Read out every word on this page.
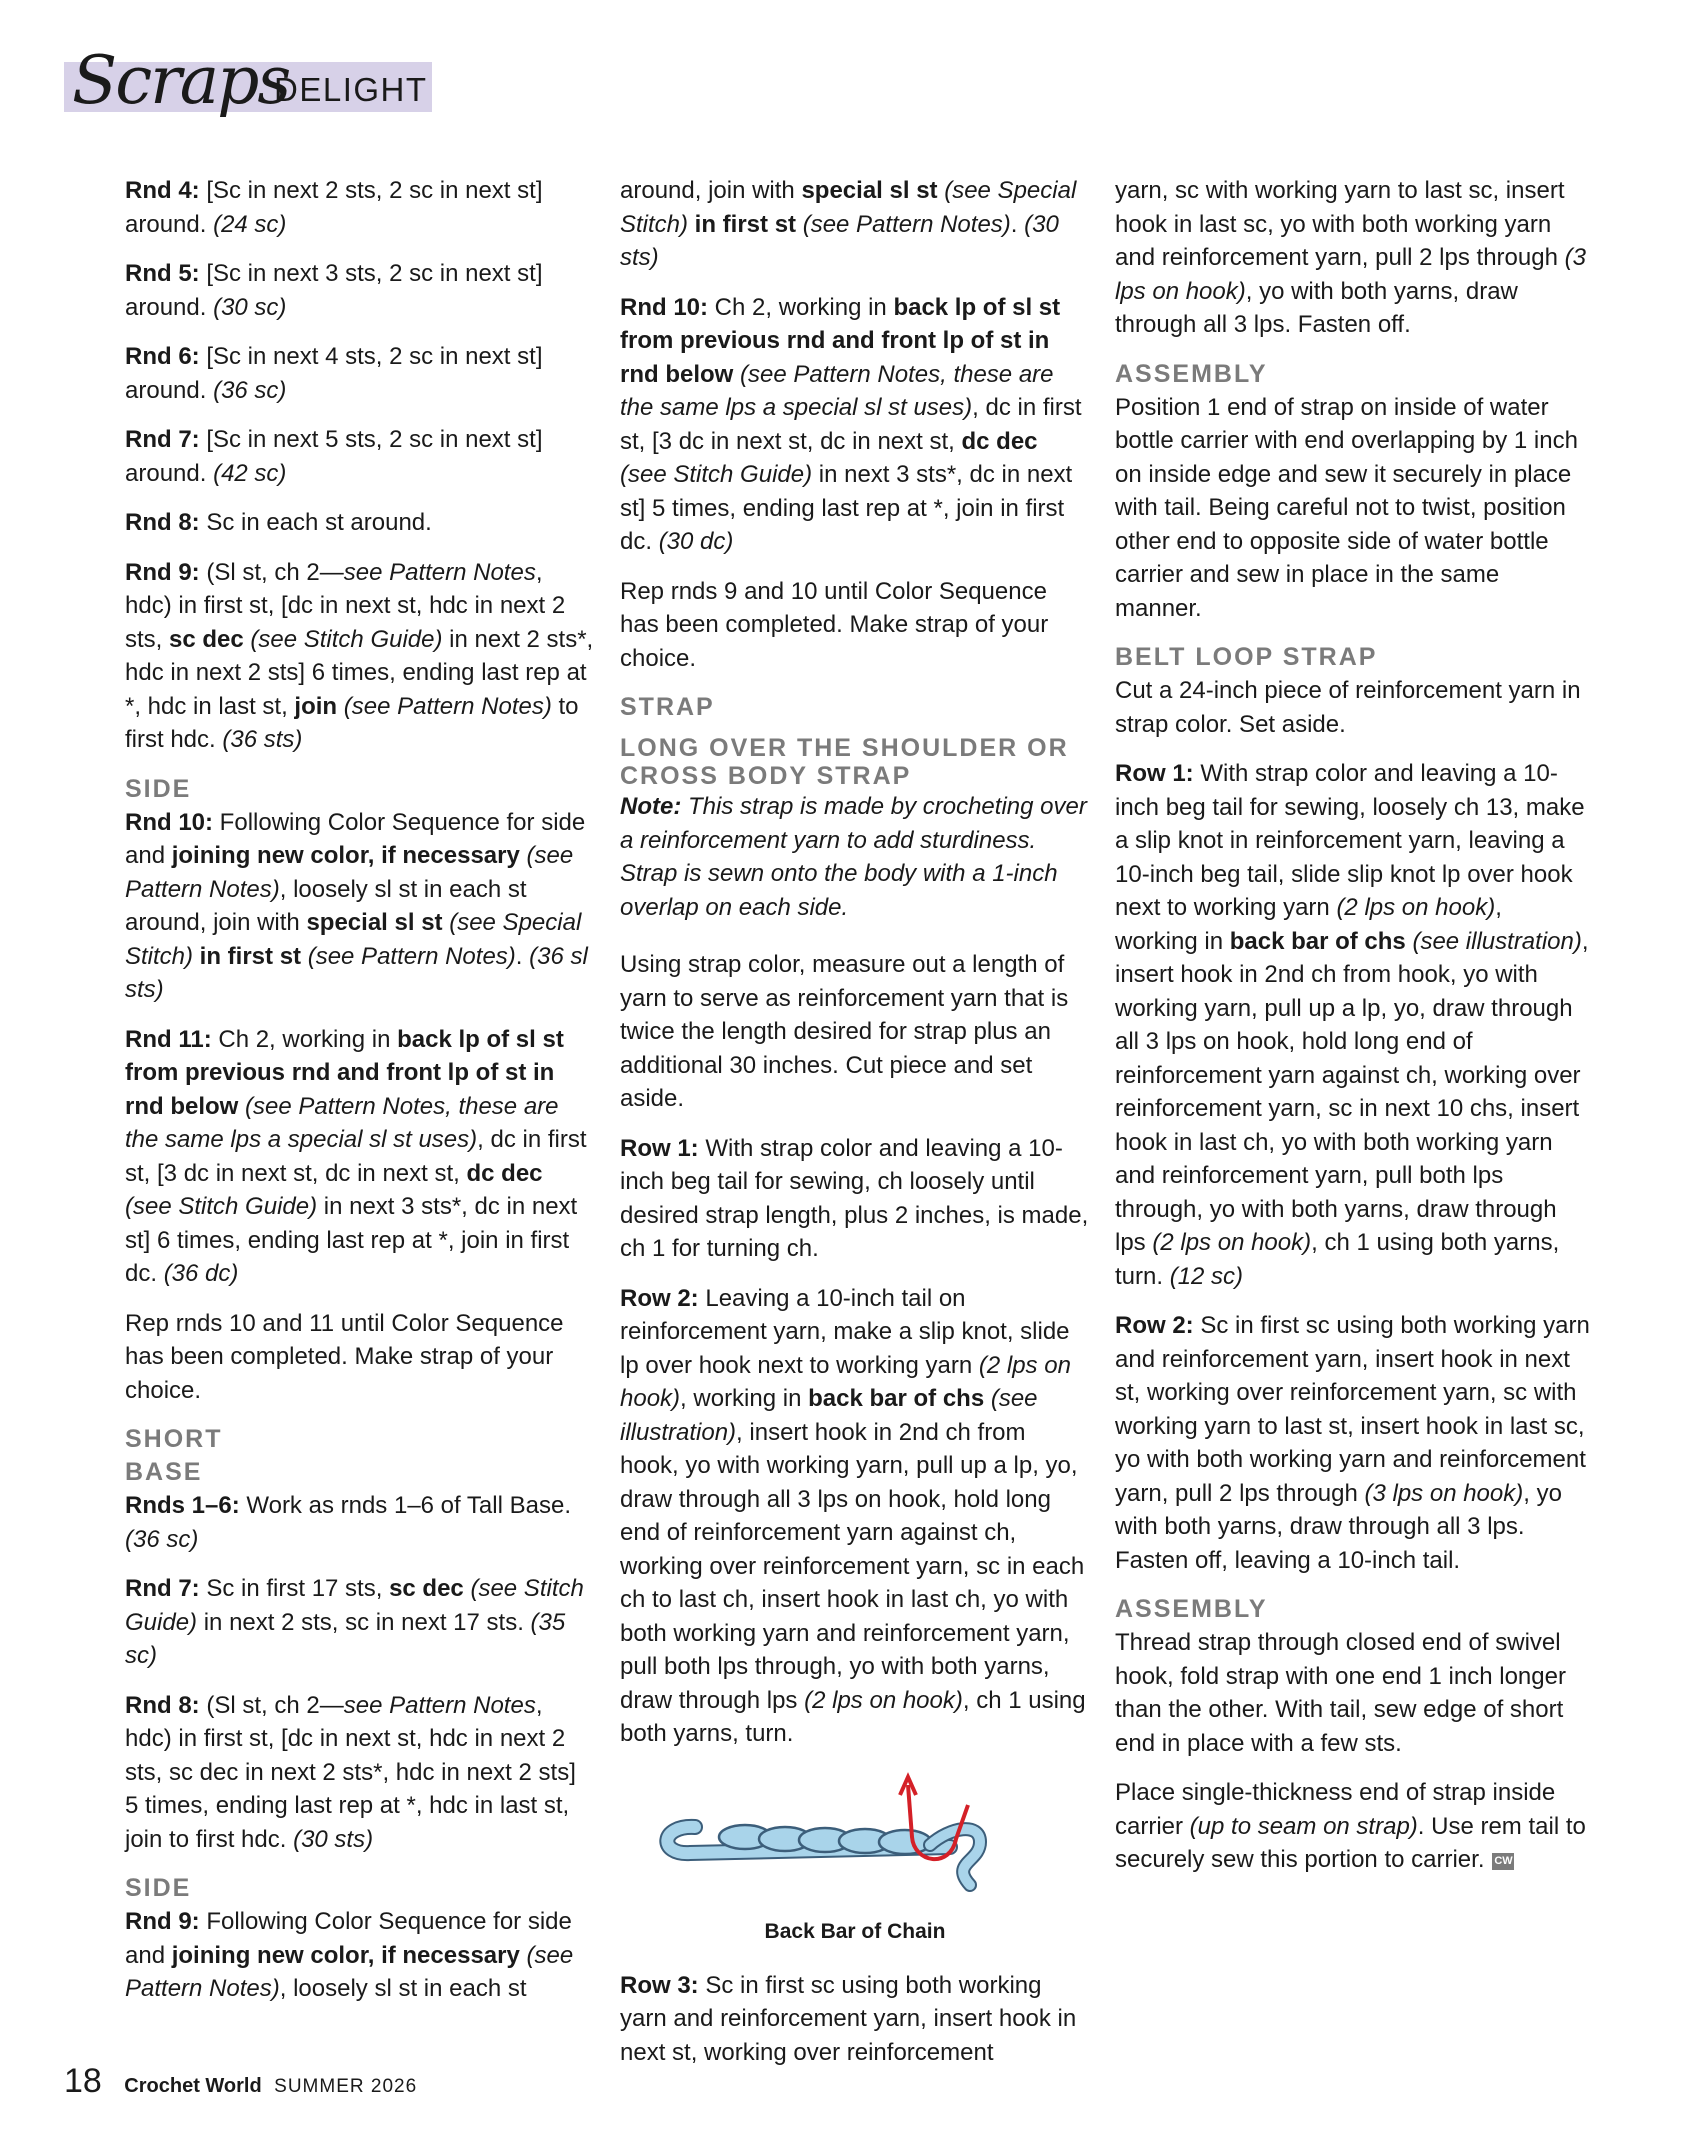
Scraps
DELIGHT

Rnd 4: [Sc in next 2 sts, 2 sc in next st] around. (24 sc)

Rnd 5: [Sc in next 3 sts, 2 sc in next st] around. (30 sc)

Rnd 6: [Sc in next 4 sts, 2 sc in next st] around. (36 sc)

Rnd 7: [Sc in next 5 sts, 2 sc in next st] around. (42 sc)

Rnd 8: Sc in each st around.

Rnd 9: (Sl st, ch 2—see Pattern Notes, hdc) in first st, [dc in next st, hdc in next 2 sts, sc dec (see Stitch Guide) in next 2 sts*, hdc in next 2 sts] 6 times, ending last rep at *, hdc in last st, join (see Pattern Notes) to first hdc. (36 sts)

SIDE

Rnd 10: Following Color Sequence for side and joining new color, if necessary (see Pattern Notes), loosely sl st in each st around, join with special sl st (see Special Stitch) in first st (see Pattern Notes). (36 sl sts)

Rnd 11: Ch 2, working in back lp of sl st from previous rnd and front lp of st in rnd below (see Pattern Notes, these are the same lps a special sl st uses), dc in first st, [3 dc in next st, dc in next st, dc dec (see Stitch Guide) in next 3 sts*, dc in next st] 6 times, ending last rep at *, join in first dc. (36 dc)

Rep rnds 10 and 11 until Color Sequence has been completed. Make strap of your choice.

SHORT
BASE

Rnds 1–6: Work as rnds 1–6 of Tall Base. (36 sc)

Rnd 7: Sc in first 17 sts, sc dec (see Stitch Guide) in next 2 sts, sc in next 17 sts. (35 sc)

Rnd 8: (Sl st, ch 2—see Pattern Notes, hdc) in first st, [dc in next st, hdc in next 2 sts, sc dec in next 2 sts*, hdc in next 2 sts] 5 times, ending last rep at *, hdc in last st, join to first hdc. (30 sts)

SIDE

Rnd 9: Following Color Sequence for side and joining new color, if necessary (see Pattern Notes), loosely sl st in each st

around, join with special sl st (see Special Stitch) in first st (see Pattern Notes). (30 sts)

Rnd 10: Ch 2, working in back lp of sl st from previous rnd and front lp of st in rnd below (see Pattern Notes, these are the same lps a special sl st uses), dc in first st, [3 dc in next st, dc in next st, dc dec (see Stitch Guide) in next 3 sts*, dc in next st] 5 times, ending last rep at *, join in first dc. (30 dc)

Rep rnds 9 and 10 until Color Sequence has been completed. Make strap of your choice.

STRAP
LONG OVER THE SHOULDER OR CROSS BODY STRAP

Note: This strap is made by crocheting over a reinforcement yarn to add sturdiness. Strap is sewn onto the body with a 1-inch overlap on each side.

Using strap color, measure out a length of yarn to serve as reinforcement yarn that is twice the length desired for strap plus an additional 30 inches. Cut piece and set aside.

Row 1: With strap color and leaving a 10-inch beg tail for sewing, ch loosely until desired strap length, plus 2 inches, is made, ch 1 for turning ch.

Row 2: Leaving a 10-inch tail on reinforcement yarn, make a slip knot, slide lp over hook next to working yarn (2 lps on hook), working in back bar of chs (see illustration), insert hook in 2nd ch from hook, yo with working yarn, pull up a lp, yo, draw through all 3 lps on hook, hold long end of reinforcement yarn against ch, working over reinforcement yarn, sc in each ch to last ch, insert hook in last ch, yo with both working yarn and reinforcement yarn, pull both lps through, yo with both yarns, draw through lps (2 lps on hook), ch 1 using both yarns, turn.

Back Bar of Chain

Row 3: Sc in first sc using both working yarn and reinforcement yarn, insert hook in next st, working over reinforcement

yarn, sc with working yarn to last sc, insert hook in last sc, yo with both working yarn and reinforcement yarn, pull 2 lps through (3 lps on hook), yo with both yarns, draw through all 3 lps. Fasten off.

ASSEMBLY

Position 1 end of strap on inside of water bottle carrier with end overlapping by 1 inch on inside edge and sew it securely in place with tail. Being careful not to twist, position other end to opposite side of water bottle carrier and sew in place in the same manner.

BELT LOOP STRAP

Cut a 24-inch piece of reinforcement yarn in strap color. Set aside.

Row 1: With strap color and leaving a 10-inch beg tail for sewing, loosely ch 13, make a slip knot in reinforcement yarn, leaving a 10-inch beg tail, slide slip knot lp over hook next to working yarn (2 lps on hook), working in back bar of chs (see illustration), insert hook in 2nd ch from hook, yo with working yarn, pull up a lp, yo, draw through all 3 lps on hook, hold long end of reinforcement yarn against ch, working over reinforcement yarn, sc in next 10 chs, insert hook in last ch, yo with both working yarn and reinforcement yarn, pull both lps through, yo with both yarns, draw through lps (2 lps on hook), ch 1 using both yarns, turn. (12 sc)

Row 2: Sc in first sc using both working yarn and reinforcement yarn, insert hook in next st, working over reinforcement yarn, sc with working yarn to last st, insert hook in last sc, yo with both working yarn and reinforcement yarn, pull 2 lps through (3 lps on hook), yo with both yarns, draw through all 3 lps. Fasten off, leaving a 10-inch tail.

ASSEMBLY

Thread strap through closed end of swivel hook, fold strap with one end 1 inch longer than the other. With tail, sew edge of short end in place with a few sts.

Place single-thickness end of strap inside carrier (up to seam on strap). Use rem tail to securely sew this portion to carrier. CW

18 Crochet World SUMMER 2026
